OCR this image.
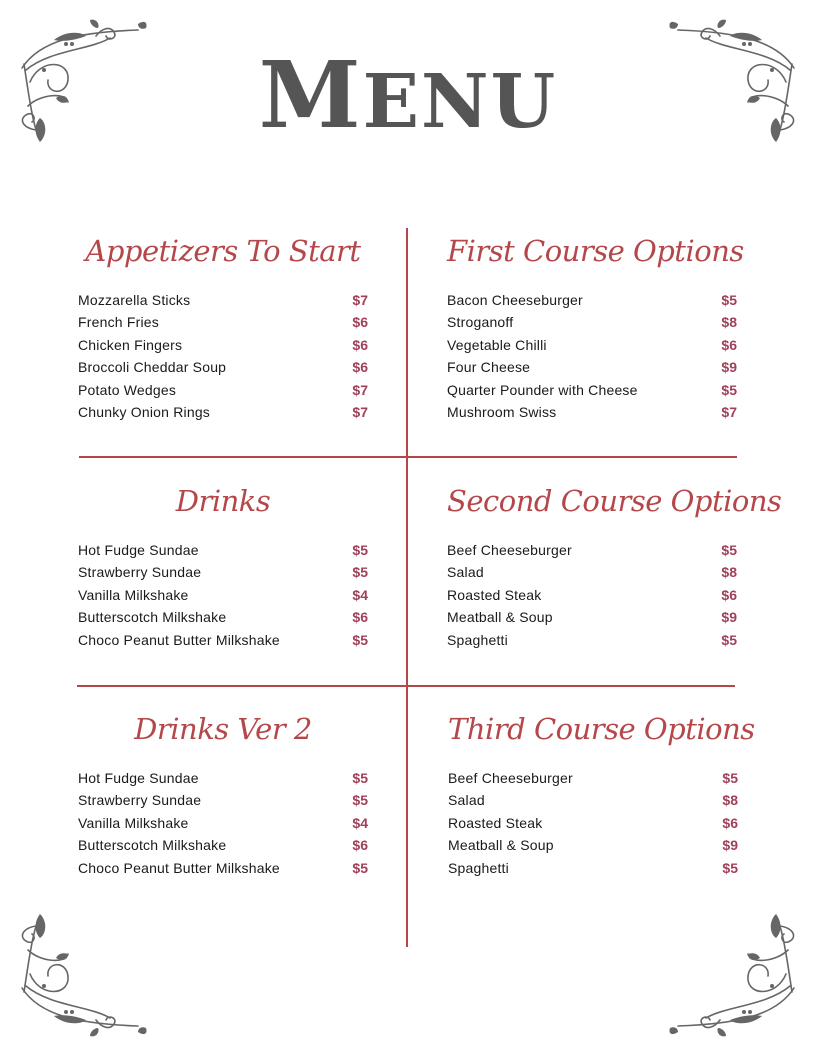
MENU
Appetizers To Start
Mozzarella Sticks	$7
French Fries	$6
Chicken Fingers	$6
Broccoli Cheddar Soup	$6
Potato Wedges	$7
Chunky Onion Rings	$7
First Course Options
Bacon Cheeseburger	$5
Stroganoff	$8
Vegetable Chilli	$6
Four Cheese	$9
Quarter Pounder with Cheese	$5
Mushroom Swiss	$7
Drinks
Hot Fudge Sundae	$5
Strawberry Sundae	$5
Vanilla Milkshake	$4
Butterscotch Milkshake	$6
Choco Peanut Butter Milkshake	$5
Second Course Options
Beef Cheeseburger	$5
Salad	$8
Roasted Steak	$6
Meatball & Soup	$9
Spaghetti	$5
Drinks Ver 2
Hot Fudge Sundae	$5
Strawberry Sundae	$5
Vanilla Milkshake	$4
Butterscotch Milkshake	$6
Choco Peanut Butter Milkshake	$5
Third Course Options
Beef Cheeseburger	$5
Salad	$8
Roasted Steak	$6
Meatball & Soup	$9
Spaghetti	$5
